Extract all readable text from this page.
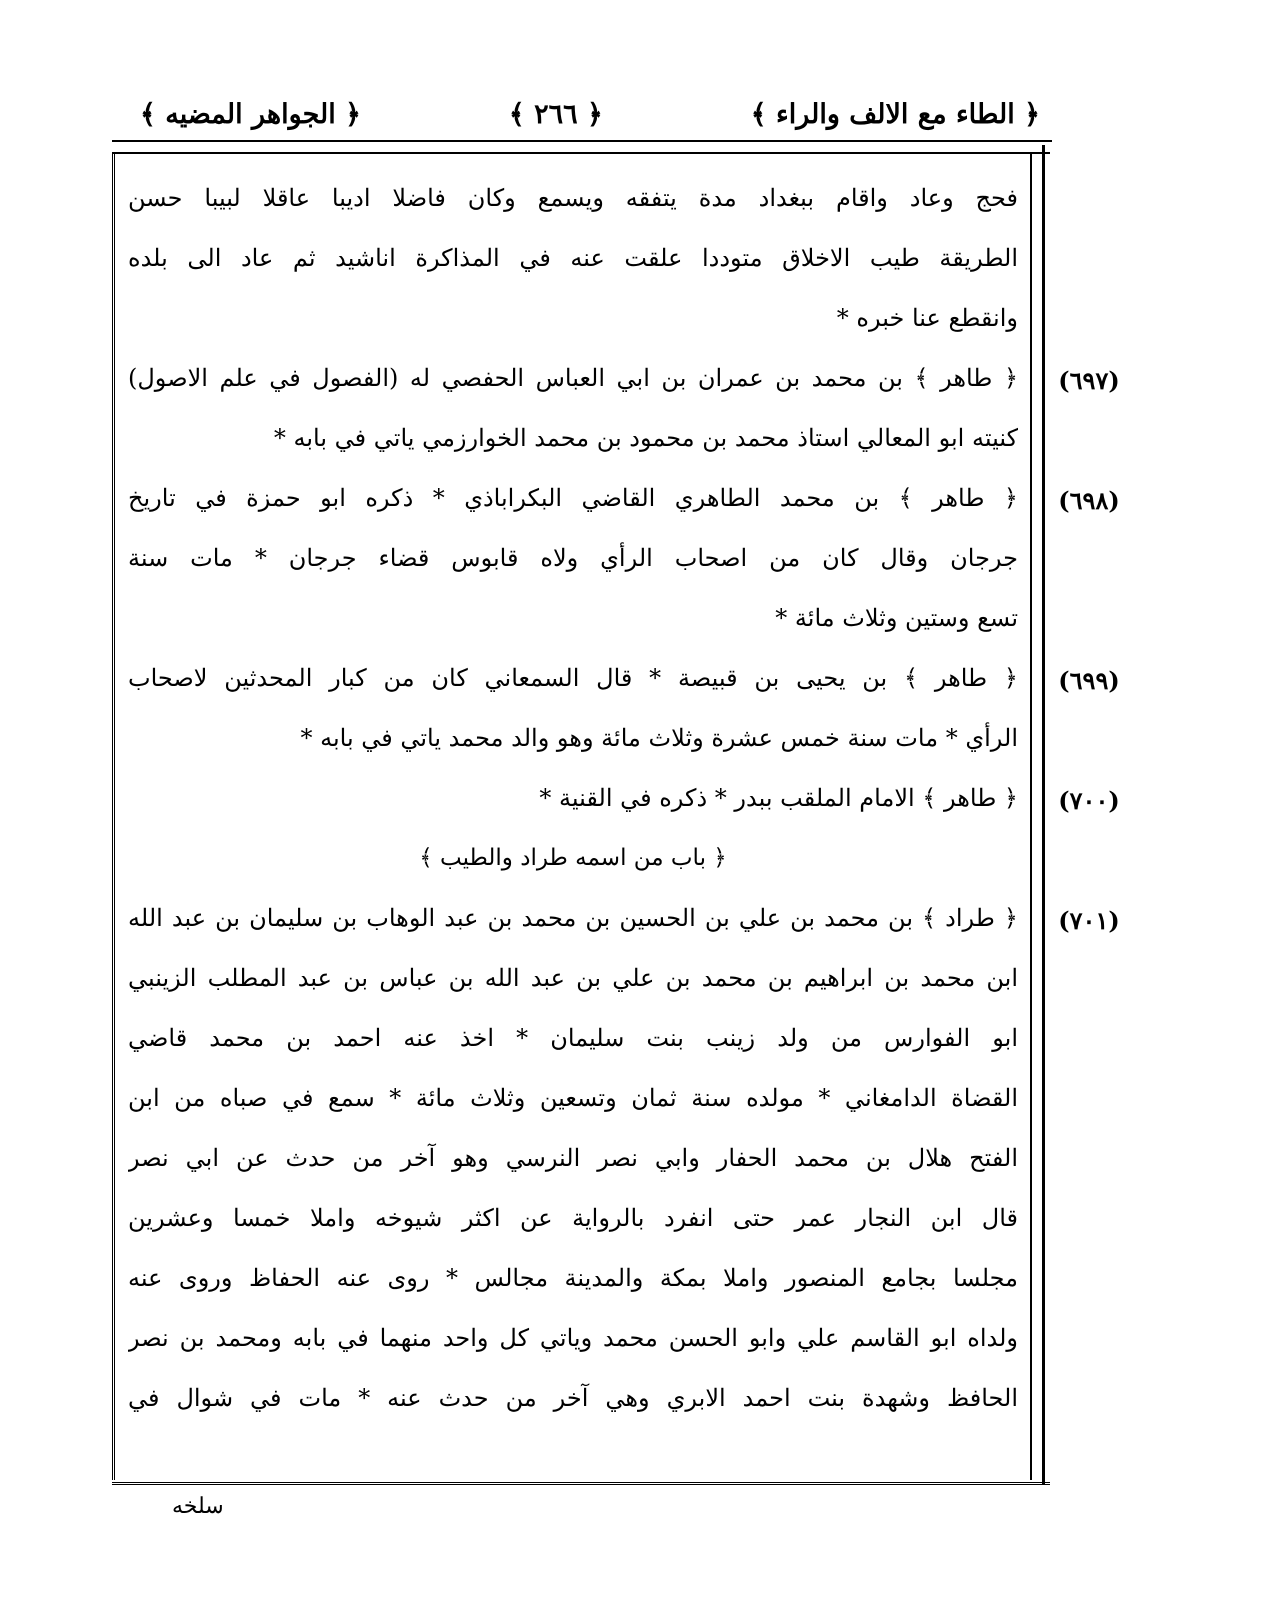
﴿ الطاء مع الالف والراء ﴾
﴿ ٢٦٦ ﴾
﴿ الجواهر المضيه ﴾
فحج وعاد واقام ببغداد مدة يتفقه ويسمع وكان فاضلا اديبا عاقلا لبيبا حسن
الطريقة طيب الاخلاق متوددا علقت عنه في المذاكرة اناشيد ثم عاد الى بلده
وانقطع عنا خبره *
﴿ طاهر ﴾ بن محمد بن عمران بن ابي العباس الحفصي له (الفصول في علم الاصول)
كنيته ابو المعالي استاذ محمد بن محمود بن محمد الخوارزمي ياتي في بابه *
﴿ طاهر ﴾ بن محمد الطاهري القاضي البكراباذي * ذكره ابو حمزة في تاريخ
جرجان وقال كان من اصحاب الرأي ولاه قابوس قضاء جرجان * مات سنة
تسع وستين وثلاث مائة *
﴿ طاهر ﴾ بن يحيى بن قبيصة * قال السمعاني كان من كبار المحدثين لاصحاب
الرأي * مات سنة خمس عشرة وثلاث مائة وهو والد محمد ياتي في بابه *
﴿ طاهر ﴾ الامام الملقب ببدر * ذكره في القنية *
﴿ باب من اسمه طراد والطيب ﴾
﴿ طراد ﴾ بن محمد بن علي بن الحسين بن محمد بن عبد الوهاب بن سليمان بن عبد الله
ابن محمد بن ابراهيم بن محمد بن علي بن عبد الله بن عباس بن عبد المطلب الزينبي
ابو الفوارس من ولد زينب بنت سليمان * اخذ عنه احمد بن محمد قاضي
القضاة الدامغاني * مولده سنة ثمان وتسعين وثلاث مائة * سمع في صباه من ابن
الفتح هلال بن محمد الحفار وابي نصر النرسي وهو آخر من حدث عن ابي نصر
قال ابن النجار عمر حتى انفرد بالرواية عن اكثر شيوخه واملا خمسا وعشرين
مجلسا بجامع المنصور واملا بمكة والمدينة مجالس * روى عنه الحفاظ وروى عنه
ولداه ابو القاسم علي وابو الحسن محمد وياتي كل واحد منهما في بابه ومحمد بن نصر
الحافظ وشهدة بنت احمد الابري وهي آخر من حدث عنه * مات في شوال في
(٦٩٧)
(٦٩٨)
(٦٩٩)
(٧٠٠)
(٧٠١)
سلخه
